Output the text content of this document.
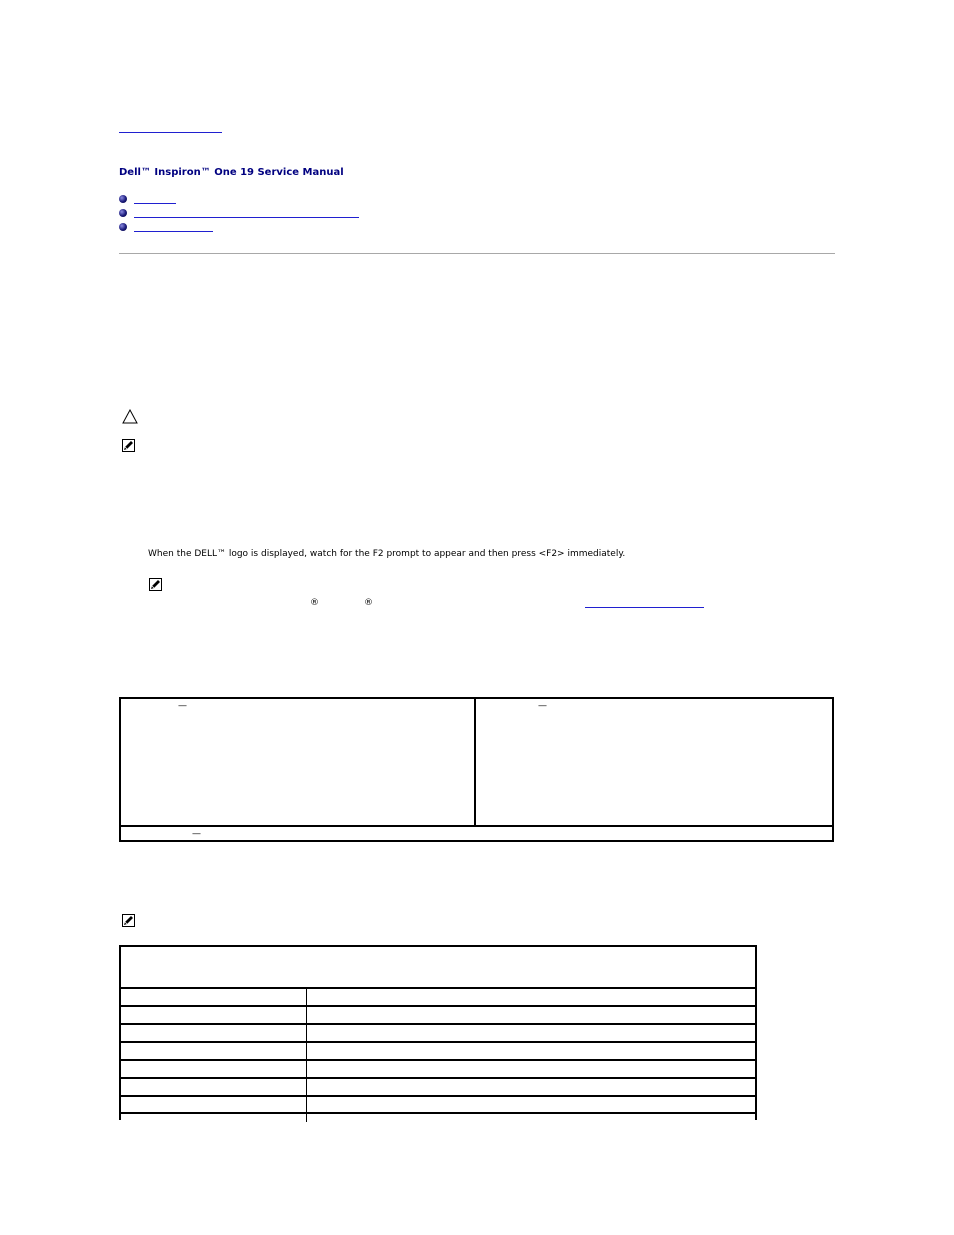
Dell™ Inspiron™ One 19 Service Manual
When the DELL™ logo is displayed, watch for the F2 prompt to appear and then press <F2> immediately.
®	®
—	—
—
